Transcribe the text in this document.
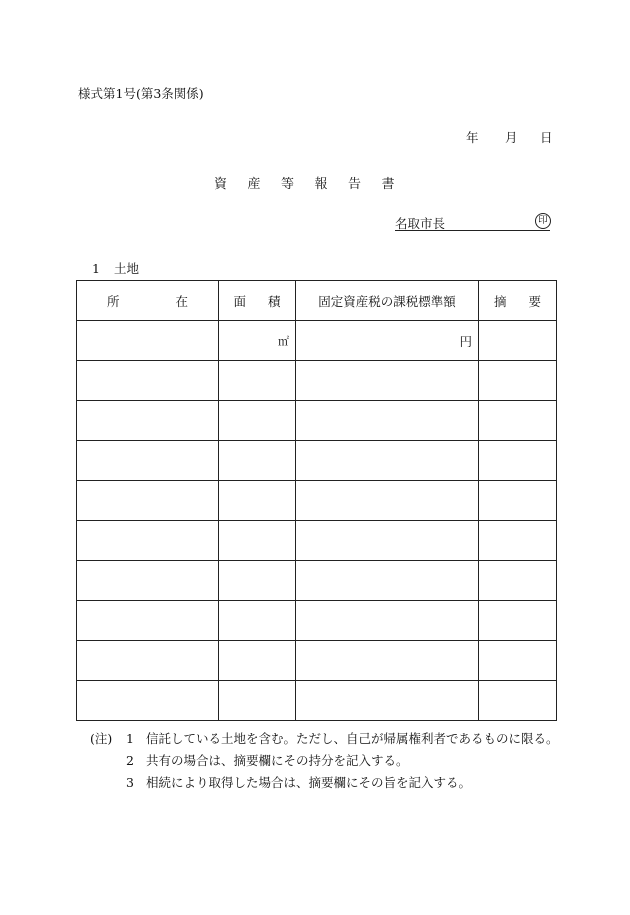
様式第1号(第3条関係)
年 月 日
資 産 等 報 告 書
名取市長	印
1 土地
所 在	面 積	固定資産税の課税標準額	摘 要

	㎡	円	

(注)	1 信託している土地を含む。ただし、自己が帰属権利者であるものに限る。
2 共有の場合は、摘要欄にその持分を記入する。
3 相続により取得した場合は、摘要欄にその旨を記入する。
